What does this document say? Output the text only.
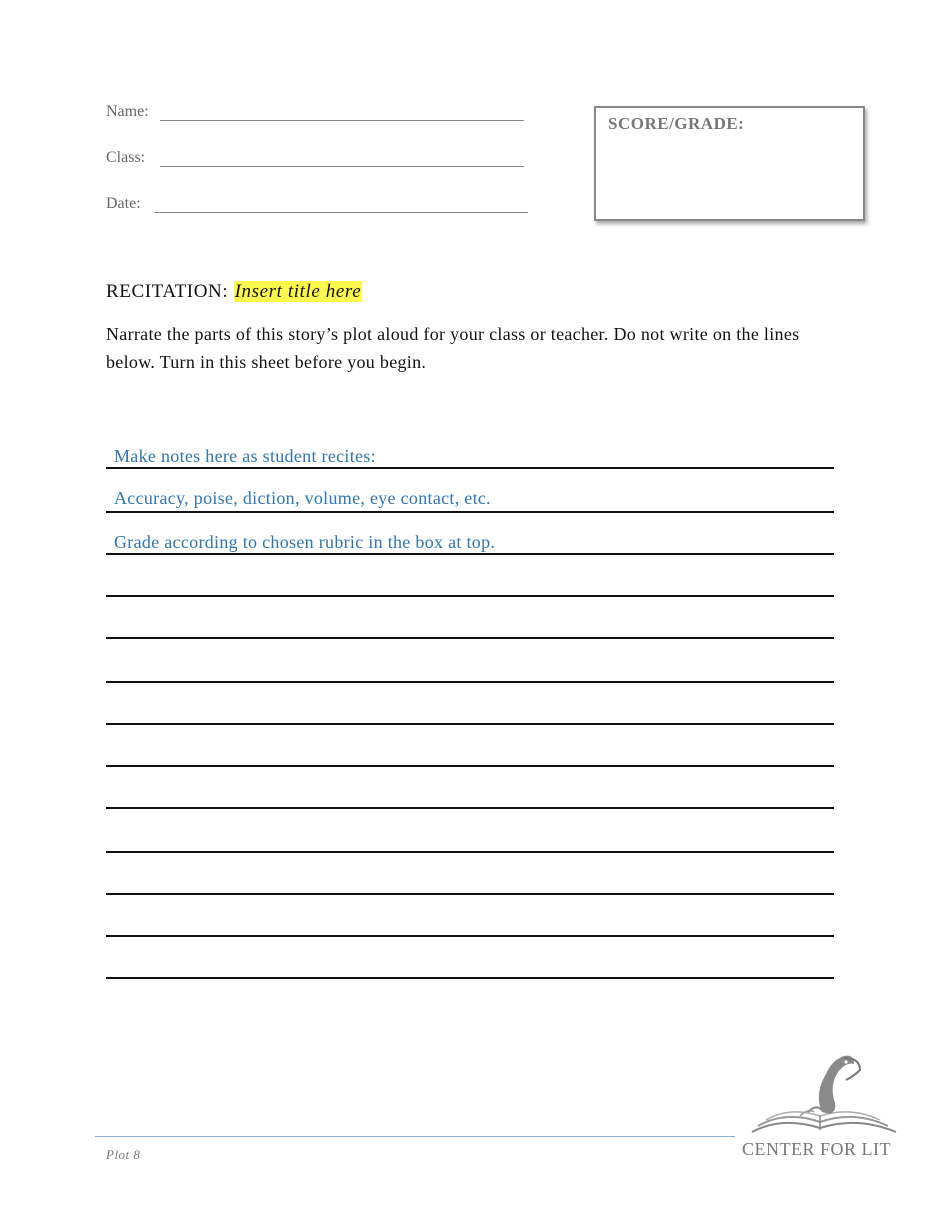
Name:
Class:
Date:
SCORE/GRADE:
RECITATION: Insert title here
Narrate the parts of this story’s plot aloud for your class or teacher. Do not write on the lines below. Turn in this sheet before you begin.
Make notes here as student recites:
Accuracy, poise, diction, volume, eye contact, etc.
Grade according to chosen rubric in the box at top.
Plot 8	CENTER FOR LIT
